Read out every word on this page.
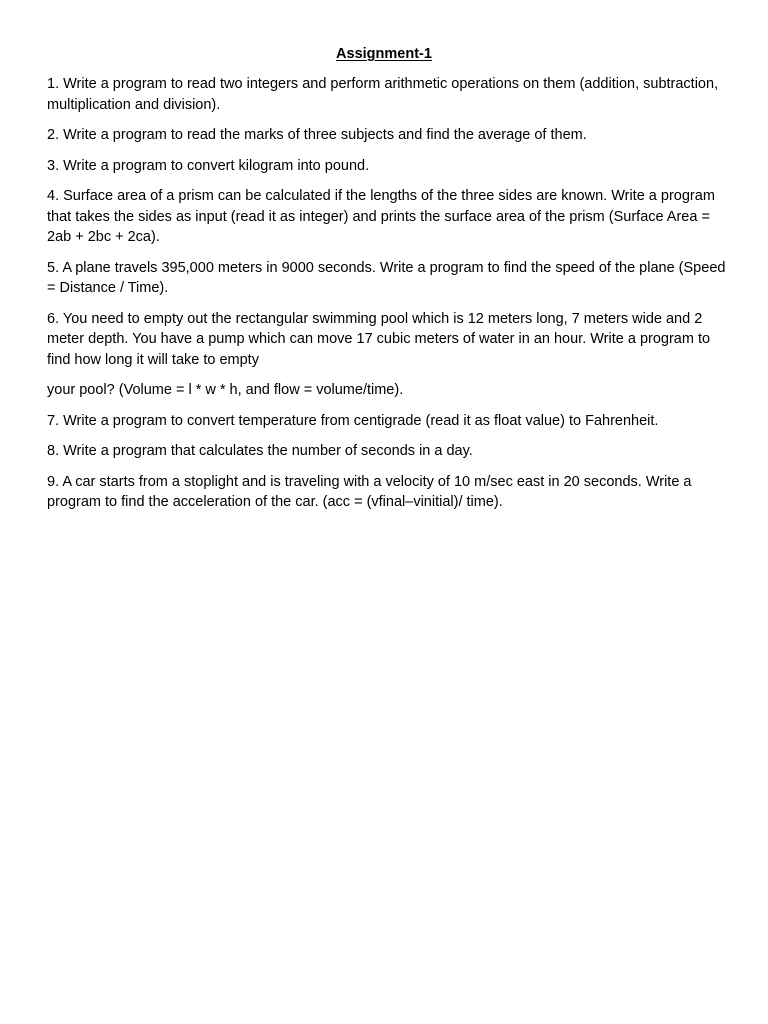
Assignment-1

1. Write a program to read two integers and perform arithmetic operations on them (addition, subtraction, multiplication and division).

2. Write a program to read the marks of three subjects and find the average of them.

3. Write a program to convert kilogram into pound.

4. Surface area of a prism can be calculated if the lengths of the three sides are known. Write a program that takes the sides as input (read it as integer) and prints the surface area of the prism (Surface Area = 2ab + 2bc + 2ca).

5. A plane travels 395,000 meters in 9000 seconds. Write a program to find the speed of the plane (Speed = Distance / Time).

6. You need to empty out the rectangular swimming pool which is 12 meters long, 7 meters wide and 2 meter depth. You have a pump which can move 17 cubic meters of water in an hour. Write a program to find how long it will take to empty

your pool? (Volume = l * w * h, and flow = volume/time).

7. Write a program to convert temperature from centigrade (read it as float value) to Fahrenheit.

8. Write a program that calculates the number of seconds in a day.

9. A car starts from a stoplight and is traveling with a velocity of 10 m/sec east in 20 seconds. Write a program to find the acceleration of the car. (acc = (vfinal–vinitial)/ time).
